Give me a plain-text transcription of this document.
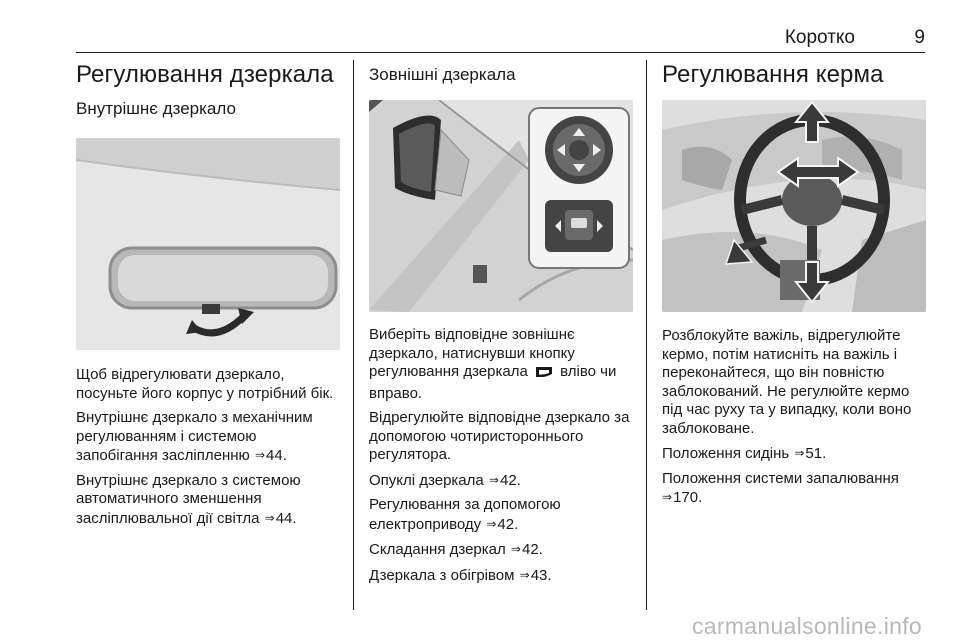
Коротко	9
Регулювання дзеркала
Внутрішнє дзеркало

Щоб відрегулювати дзеркало, посуньте його корпус у потрібний бік.

Внутрішнє дзеркало з механічним регулюванням і системою запобігання засліпленню ⇒44.

Внутрішнє дзеркало з системою автоматичного зменшення засліплювальної дії світла ⇒44.

Зовнішні дзеркала

Виберіть відповідне зовнішнє дзеркало, натиснувши кнопку регулювання дзеркала вліво чи вправо.

Відрегулюйте відповідне дзеркало за допомогою чотиристороннього регулятора.

Опуклі дзеркала ⇒42.

Регулювання за допомогою електроприводу ⇒42.

Складання дзеркал ⇒42.

Дзеркала з обігрівом ⇒43.

Регулювання керма

Розблокуйте важіль, відрегулюйте кермо, потім натисніть на важіль і переконайтеся, що він повністю заблокований. Не регулюйте кермо під час руху та у випадку, коли воно заблоковане.

Положення сидінь ⇒51.

Положення системи запалювання
⇒170.

carmanualsonline.info
